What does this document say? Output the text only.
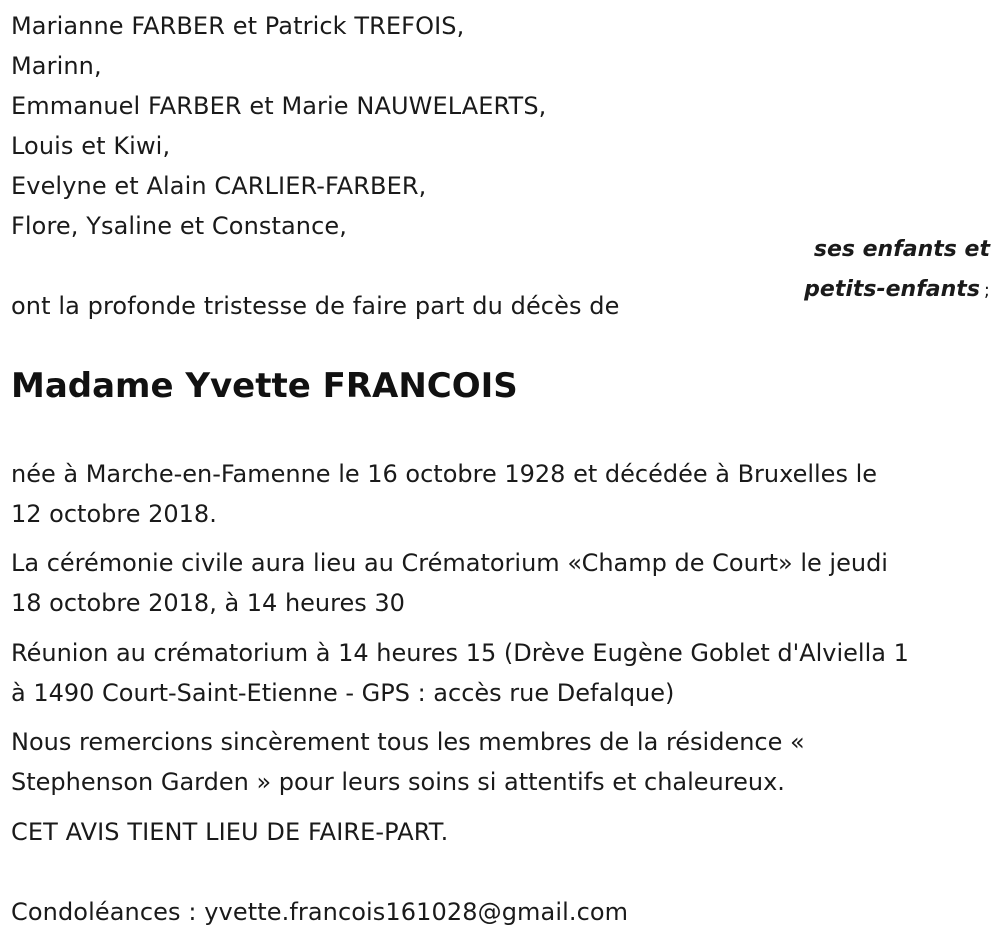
Marianne FARBER et Patrick TREFOIS,
Marinn,
Emmanuel FARBER et Marie NAUWELAERTS,
Louis et Kiwi,
Evelyne et Alain CARLIER-FARBER,
Flore, Ysaline et Constance,
ses enfants et
petits-enfants ;
ont la profonde tristesse de faire part du décès de
Madame Yvette FRANCOIS
née à Marche-en-Famenne le 16 octobre 1928 et décédée à Bruxelles le
12 octobre 2018.
La cérémonie civile aura lieu au Crématorium «Champ de Court» le jeudi
18 octobre 2018, à 14 heures 30
Réunion au crématorium à 14 heures 15 (Drève Eugène Goblet d'Alviella 1
à 1490 Court-Saint-Etienne - GPS : accès rue Defalque)
Nous remercions sincèrement tous les membres de la résidence «
Stephenson Garden » pour leurs soins si attentifs et chaleureux.
CET AVIS TIENT LIEU DE FAIRE-PART.
Condoléances : yvette.francois161028@gmail.com
